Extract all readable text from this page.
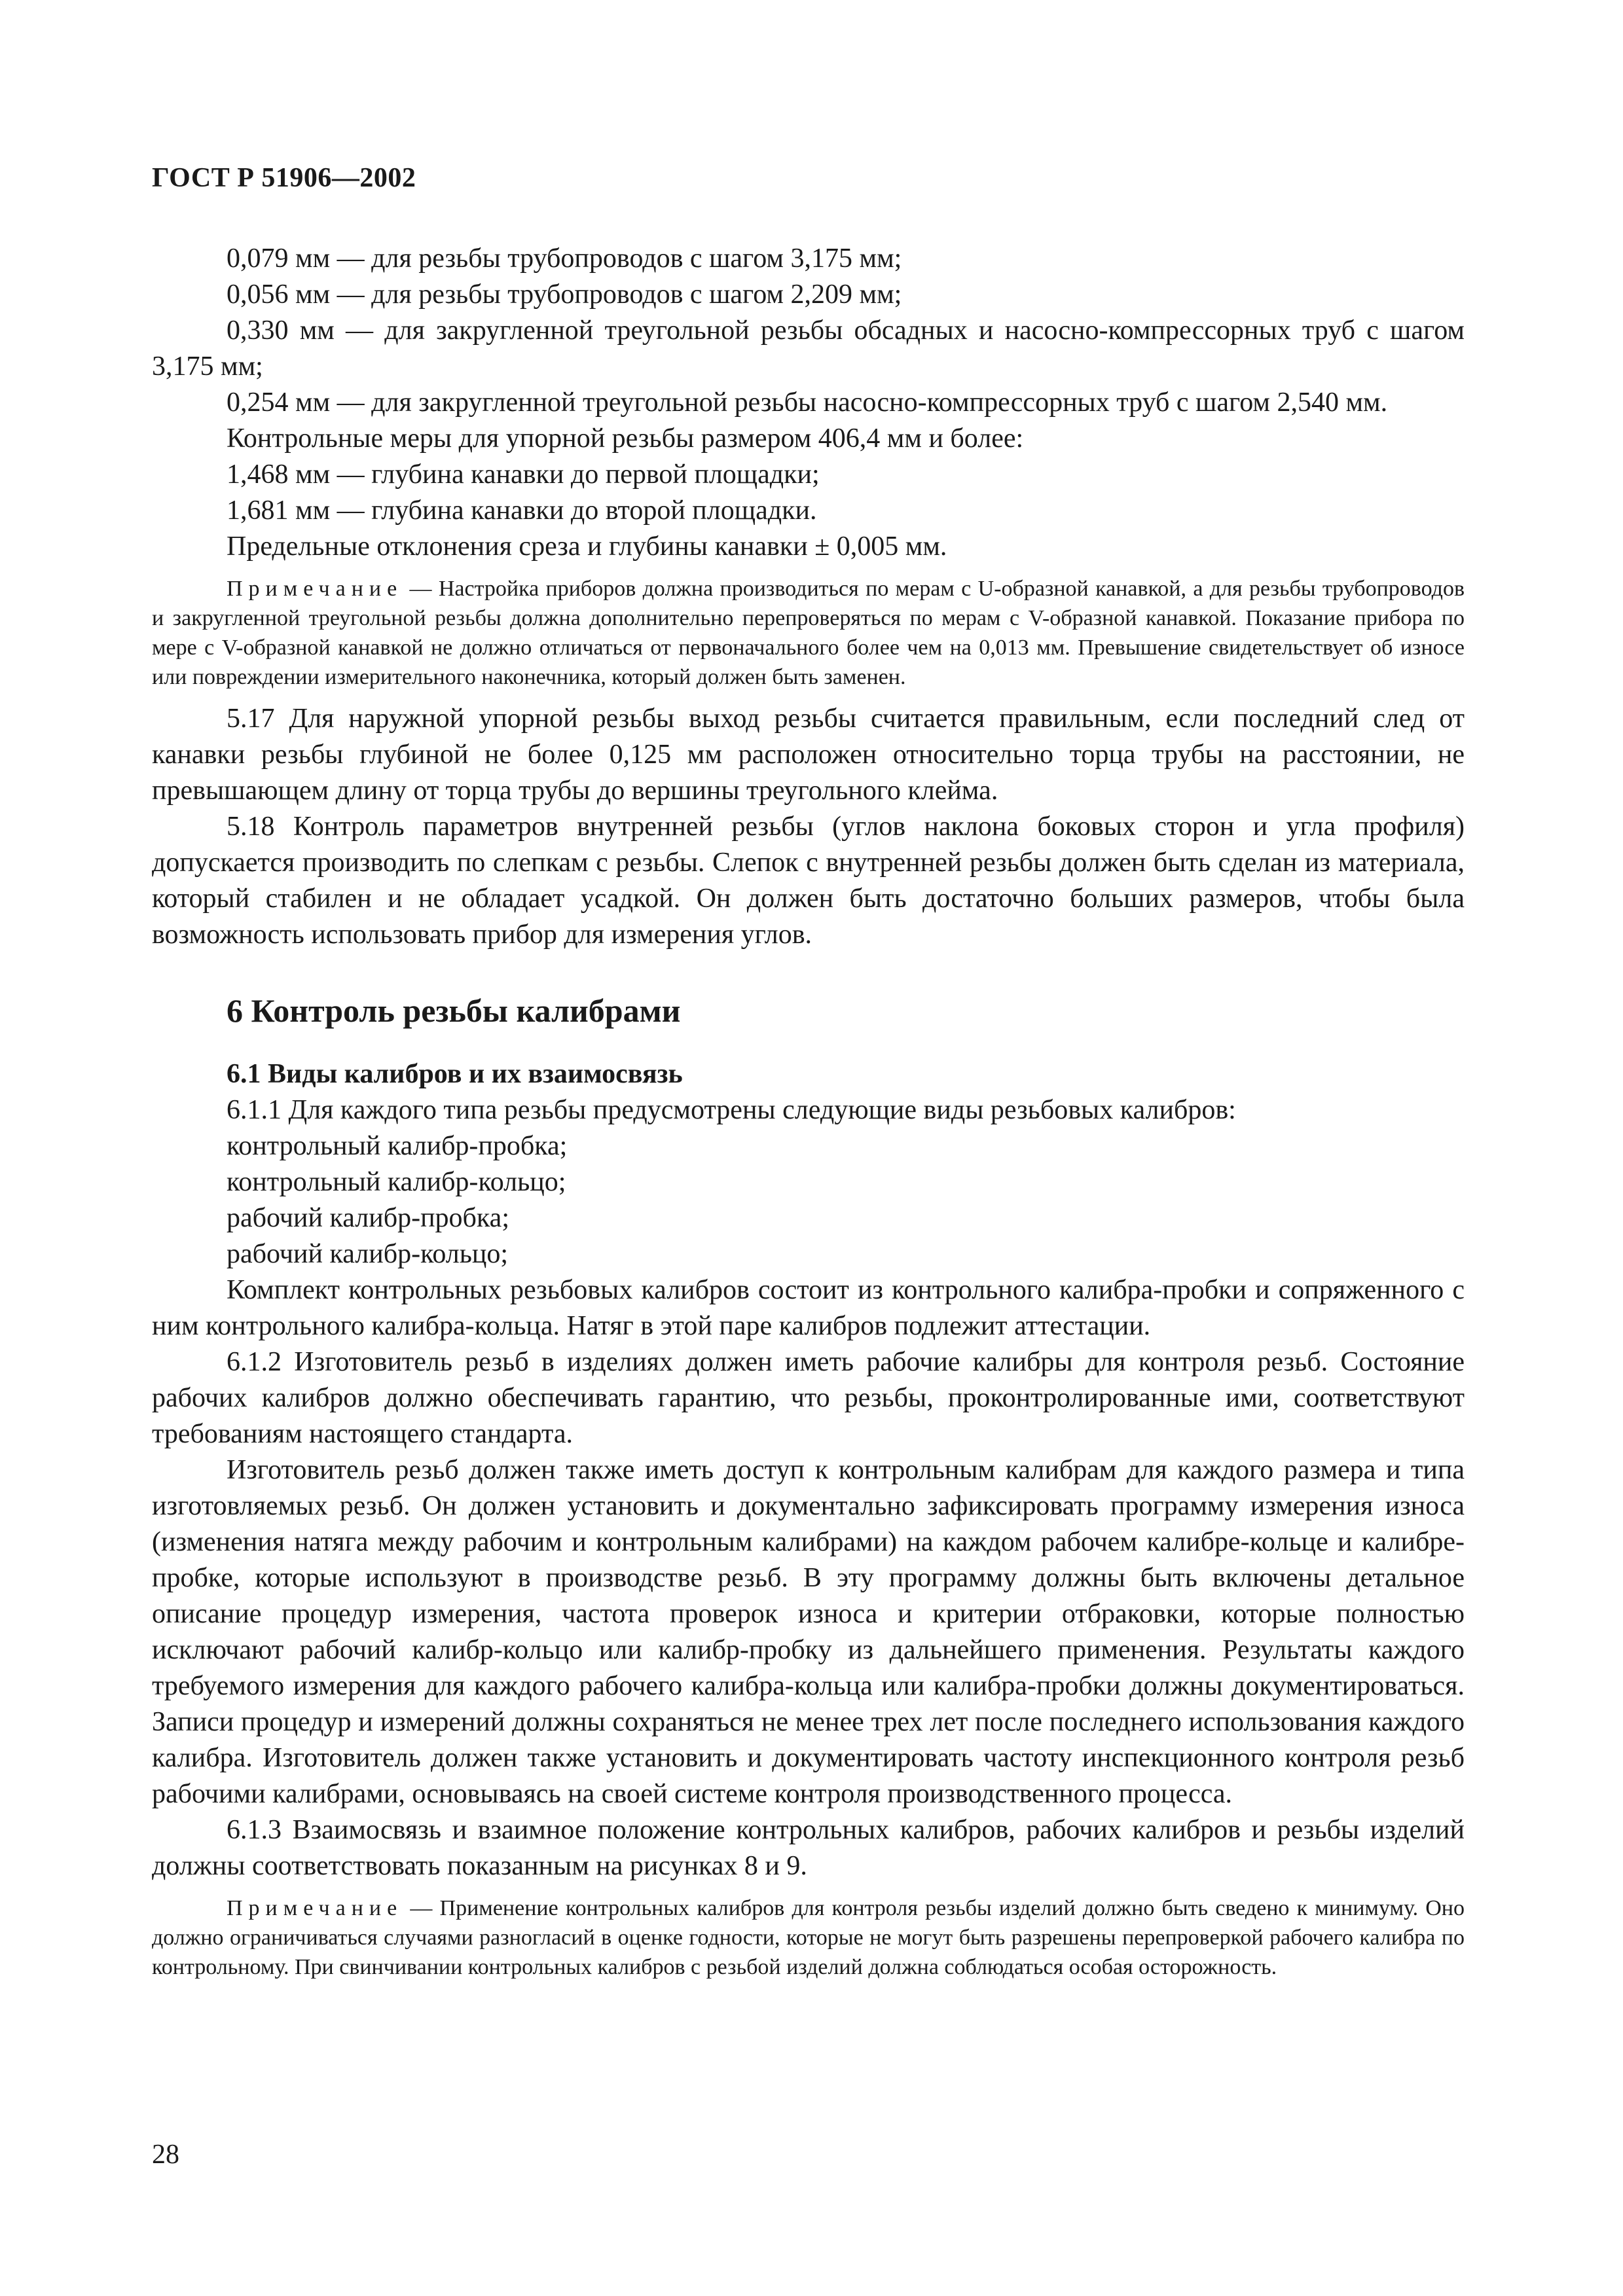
ГОСТ Р 51906—2002

0,079 мм — для резьбы трубопроводов с шагом 3,175 мм;

0,056 мм — для резьбы трубопроводов с шагом 2,209 мм;

0,330 мм — для закругленной треугольной резьбы обсадных и насосно-компрессорных труб с шагом 3,175 мм;

0,254 мм — для закругленной треугольной резьбы насосно-компрессорных труб с шагом 2,540 мм.

Контрольные меры для упорной резьбы размером 406,4 мм и более:

1,468 мм — глубина канавки до первой площадки;

1,681 мм — глубина канавки до второй площадки.

Предельные отклонения среза и глубины канавки ± 0,005 мм.

Примечание — Настройка приборов должна производиться по мерам с U-образной канавкой, а для резьбы трубопроводов и закругленной треугольной резьбы должна дополнительно перепроверяться по мерам с V-образной канавкой. Показание прибора по мере с V-образной канавкой не должно отличаться от первоначального более чем на 0,013 мм. Превышение свидетельствует об износе или повреждении измерительного наконечника, который должен быть заменен.

5.17 Для наружной упорной резьбы выход резьбы считается правильным, если последний след от канавки резьбы глубиной не более 0,125 мм расположен относительно торца трубы на расстоянии, не превышающем длину от торца трубы до вершины треугольного клейма.

5.18 Контроль параметров внутренней резьбы (углов наклона боковых сторон и угла профиля) допускается производить по слепкам с резьбы. Слепок с внутренней резьбы должен быть сделан из материала, который стабилен и не обладает усадкой. Он должен быть достаточно больших размеров, чтобы была возможность использовать прибор для измерения углов.

6 Контроль резьбы калибрами
6.1 Виды калибров и их взаимосвязь

6.1.1 Для каждого типа резьбы предусмотрены следующие виды резьбовых калибров:

контрольный калибр-пробка;

контрольный калибр-кольцо;

рабочий калибр-пробка;

рабочий калибр-кольцо;

Комплект контрольных резьбовых калибров состоит из контрольного калибра-пробки и сопряженного с ним контрольного калибра-кольца. Натяг в этой паре калибров подлежит аттестации.

6.1.2 Изготовитель резьб в изделиях должен иметь рабочие калибры для контроля резьб. Состояние рабочих калибров должно обеспечивать гарантию, что резьбы, проконтролированные ими, соответствуют требованиям настоящего стандарта.

Изготовитель резьб должен также иметь доступ к контрольным калибрам для каждого размера и типа изготовляемых резьб. Он должен установить и документально зафиксировать программу измерения износа (изменения натяга между рабочим и контрольным калибрами) на каждом рабочем калибре-кольце и калибре-пробке, которые используют в производстве резьб. В эту программу должны быть включены детальное описание процедур измерения, частота проверок износа и критерии отбраковки, которые полностью исключают рабочий калибр-кольцо или калибр-пробку из дальнейшего применения. Результаты каждого требуемого измерения для каждого рабочего калибра-кольца или калибра-пробки должны документироваться. Записи процедур и измерений должны сохраняться не менее трех лет после последнего использования каждого калибра. Изготовитель должен также установить и документировать частоту инспекционного контроля резьб рабочими калибрами, основываясь на своей системе контроля производственного процесса.

6.1.3 Взаимосвязь и взаимное положение контрольных калибров, рабочих калибров и резьбы изделий должны соответствовать показанным на рисунках 8 и 9.

Примечание — Применение контрольных калибров для контроля резьбы изделий должно быть сведено к минимуму. Оно должно ограничиваться случаями разногласий в оценке годности, которые не могут быть разрешены перепроверкой рабочего калибра по контрольному. При свинчивании контрольных калибров с резьбой изделий должна соблюдаться особая осторожность.

28
